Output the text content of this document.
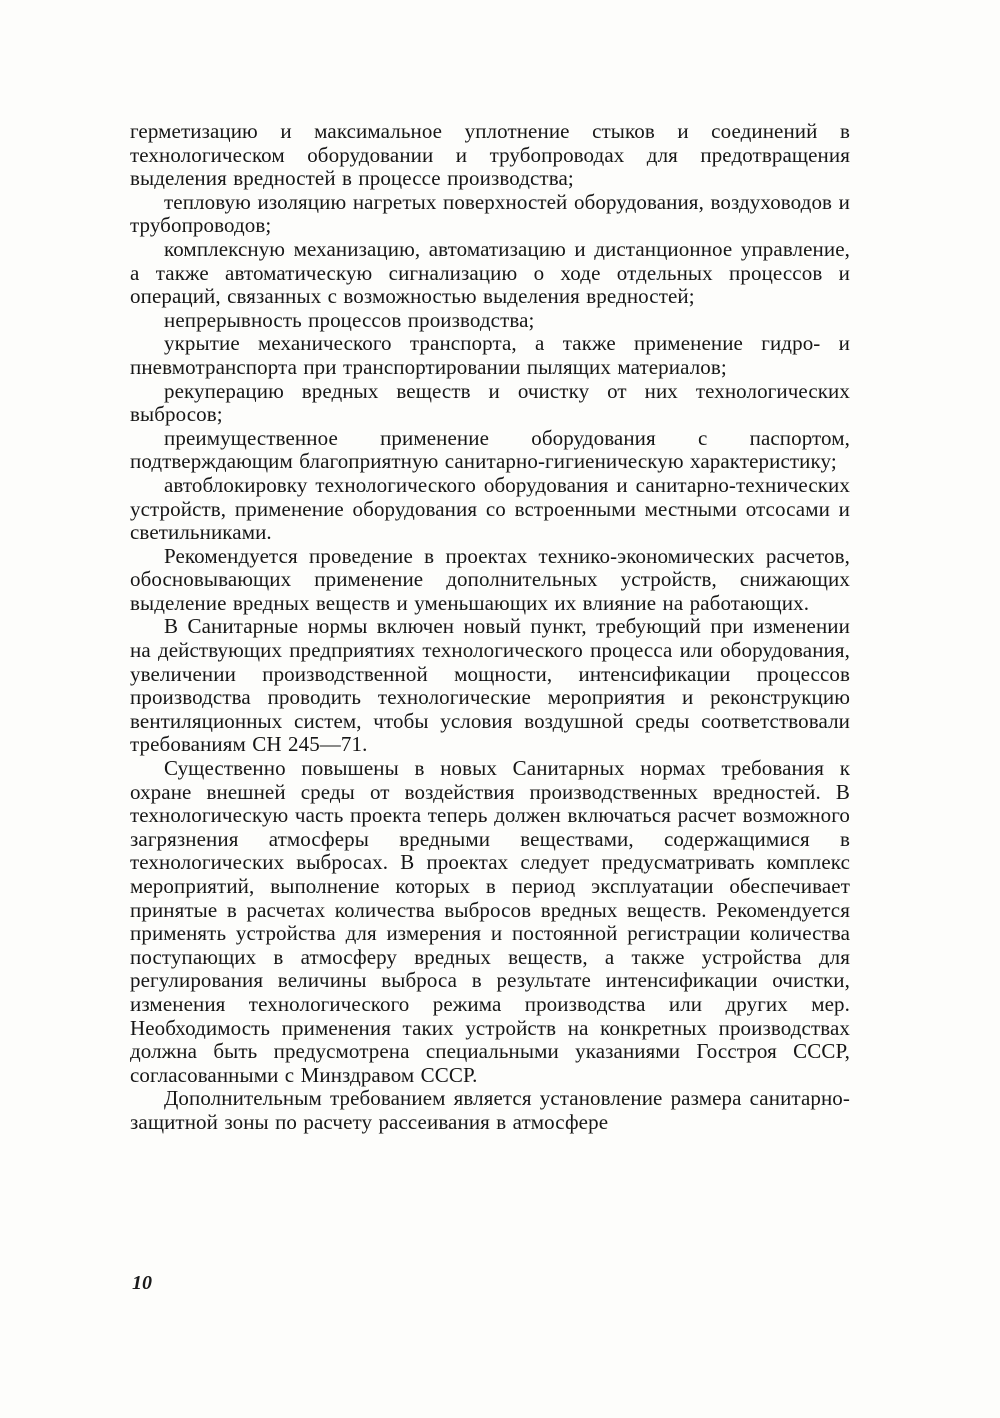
герметизацию и максимальное уплотнение стыков и соединений в технологическом оборудовании и трубопроводах для предотвращения выделения вредностей в процессе производства;

тепловую изоляцию нагретых поверхностей оборудования, воздуховодов и трубопроводов;

комплексную механизацию, автоматизацию и дистанционное управление, а также автоматическую сигнализацию о ходе отдельных процессов и операций, связанных с возможностью выделения вредностей;

непрерывность процессов производства;

укрытие механического транспорта, а также применение гидро- и пневмотранспорта при транспортировании пылящих материалов;

рекуперацию вредных веществ и очистку от них технологических выбросов;

преимущественное применение оборудования с паспортом, подтверждающим благоприятную санитарно-гигиеническую характеристику;

автоблокировку технологического оборудования и санитарно-технических устройств, применение оборудования со встроенными местными отсосами и светильниками.

Рекомендуется проведение в проектах технико-экономических расчетов, обосновывающих применение дополнительных устройств, снижающих выделение вредных веществ и уменьшающих их влияние на работающих.

В Санитарные нормы включен новый пункт, требующий при изменении на действующих предприятиях технологического процесса или оборудования, увеличении производственной мощности, интенсификации процессов производства проводить технологические мероприятия и реконструкцию вентиляционных систем, чтобы условия воздушной среды соответствовали требованиям СН 245—71.

Существенно повышены в новых Санитарных нормах требования к охране внешней среды от воздействия производственных вредностей. В технологическую часть проекта теперь должен включаться расчет возможного загрязнения атмосферы вредными веществами, содержащимися в технологических выбросах. В проектах следует предусматривать комплекс мероприятий, выполнение которых в период эксплуатации обеспечивает принятые в расчетах количества выбросов вредных веществ. Рекомендуется применять устройства для измерения и постоянной регистрации количества поступающих в атмосферу вредных веществ, а также устройства для регулирования величины выброса в результате интенсификации очистки, изменения технологического режима производства или других мер. Необходимость применения таких устройств на конкретных производствах должна быть предусмотрена специальными указаниями Госстроя СССР, согласованными с Минздравом СССР.

Дополнительным требованием является установление размера санитарно-защитной зоны по расчету рассеивания в атмосфере

10
